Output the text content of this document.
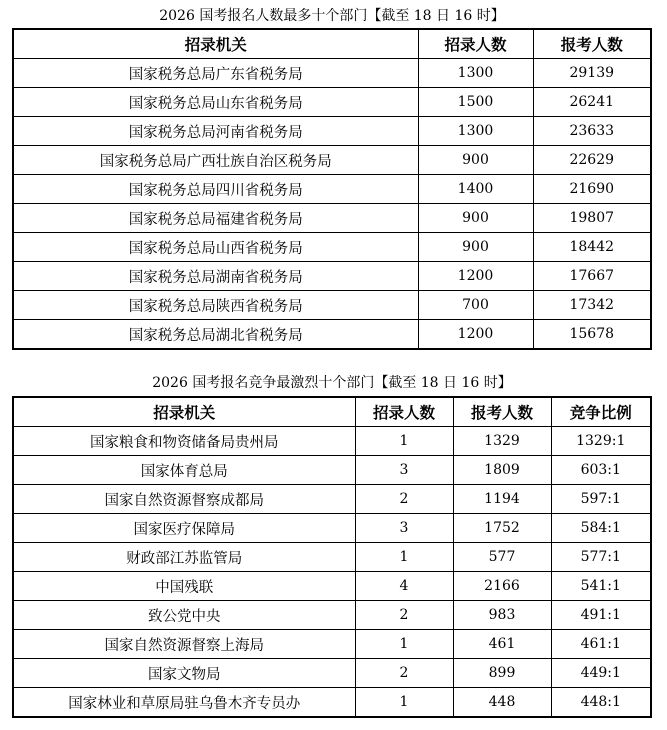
2026 国考报名人数最多十个部门【截至 18 日 16 时】
招录机关	招录人数	报考人数
国家税务总局广东省税务局	1300	29139
国家税务总局山东省税务局	1500	26241
国家税务总局河南省税务局	1300	23633
国家税务总局广西壮族自治区税务局	900	22629
国家税务总局四川省税务局	1400	21690
国家税务总局福建省税务局	900	19807
国家税务总局山西省税务局	900	18442
国家税务总局湖南省税务局	1200	17667
国家税务总局陕西省税务局	700	17342
国家税务总局湖北省税务局	1200	15678
2026 国考报名竞争最激烈十个部门【截至 18 日 16 时】
招录机关	招录人数	报考人数	竞争比例
国家粮食和物资储备局贵州局	1	1329	1329:1
国家体育总局	3	1809	603:1
国家自然资源督察成都局	2	1194	597:1
国家医疗保障局	3	1752	584:1
财政部江苏监管局	1	577	577:1
中国残联	4	2166	541:1
致公党中央	2	983	491:1
国家自然资源督察上海局	1	461	461:1
国家文物局	2	899	449:1
国家林业和草原局驻乌鲁木齐专员办	1	448	448:1
